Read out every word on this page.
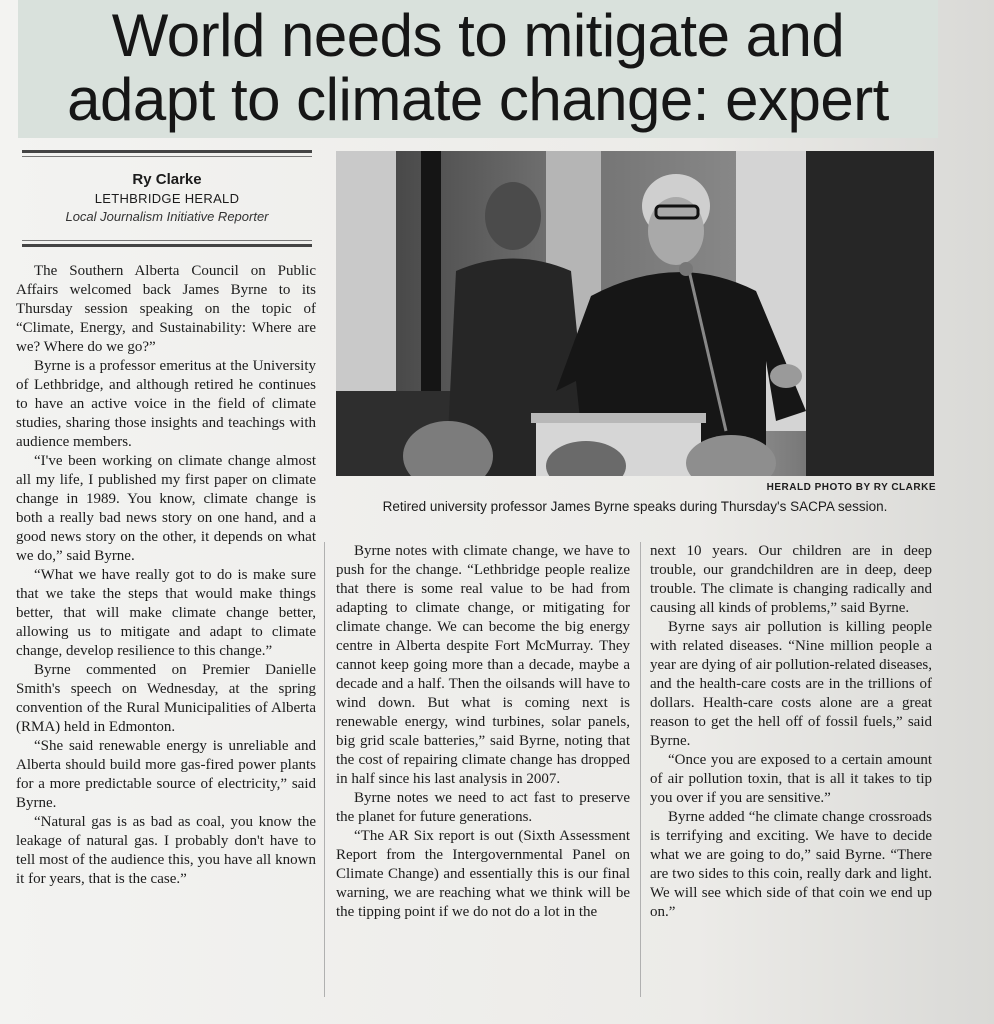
World needs to mitigate and
adapt to climate change: expert
Ry Clarke
LETHBRIDGE HERALD
Local Journalism Initiative Reporter
HERALD PHOTO BY RY CLARKE
Retired university professor James Byrne speaks during Thursday's SACPA session.

The Southern Alberta Council on Public Affairs welcomed back James Byrne to its Thursday session speaking on the topic of “Climate, Energy, and Sustainability: Where are we? Where do we go?”

Byrne is a professor emeritus at the University of Lethbridge, and although retired he continues to have an active voice in the field of climate studies, sharing those insights and teachings with audience members.

“I've been working on climate change almost all my life, I published my first paper on climate change in 1989. You know, climate change is both a really bad news story on one hand, and a good news story on the other, it depends on what we do,” said Byrne.

“What we have really got to do is make sure that we take the steps that would make things better, that will make climate change better, allowing us to mitigate and adapt to climate change, develop resilience to this change.”

Byrne commented on Premier Danielle Smith's speech on Wednesday, at the spring convention of the Rural Municipalities of Alberta (RMA) held in Edmonton.

“She said renewable energy is unreliable and Alberta should build more gas-fired power plants for a more predictable source of electricity,” said Byrne.

“Natural gas is as bad as coal, you know the leakage of natural gas. I probably don't have to tell most of the audience this, you have all known it for years, that is the case.”

Byrne notes with climate change, we have to push for the change. “Lethbridge people realize that there is some real value to be had from adapting to climate change, or mitigating for climate change. We can become the big energy centre in Alberta despite Fort McMurray. They cannot keep going more than a decade, maybe a decade and a half. Then the oilsands will have to wind down. But what is coming next is renewable energy, wind turbines, solar panels, big grid scale batteries,” said Byrne, noting that the cost of repairing climate change has dropped in half since his last analysis in 2007.

Byrne notes we need to act fast to preserve the planet for future generations.

“The AR Six report is out (Sixth Assessment Report from the Intergovernmental Panel on Climate Change) and essentially this is our final warning, we are reaching what we think will be the tipping point if we do not do a lot in the

next 10 years. Our children are in deep trouble, our grandchildren are in deep, deep trouble. The climate is changing radically and causing all kinds of problems,” said Byrne.

Byrne says air pollution is killing people with related diseases. “Nine million people a year are dying of air pollution-related diseases, and the health-care costs are in the trillions of dollars. Health-care costs alone are a great reason to get the hell off of fossil fuels,” said Byrne.

“Once you are exposed to a certain amount of air pollution toxin, that is all it takes to tip you over if you are sensitive.”

Byrne added “he climate change crossroads is terrifying and exciting. We have to decide what we are going to do,” said Byrne. “There are two sides to this coin, really dark and light. We will see which side of that coin we end up on.”
